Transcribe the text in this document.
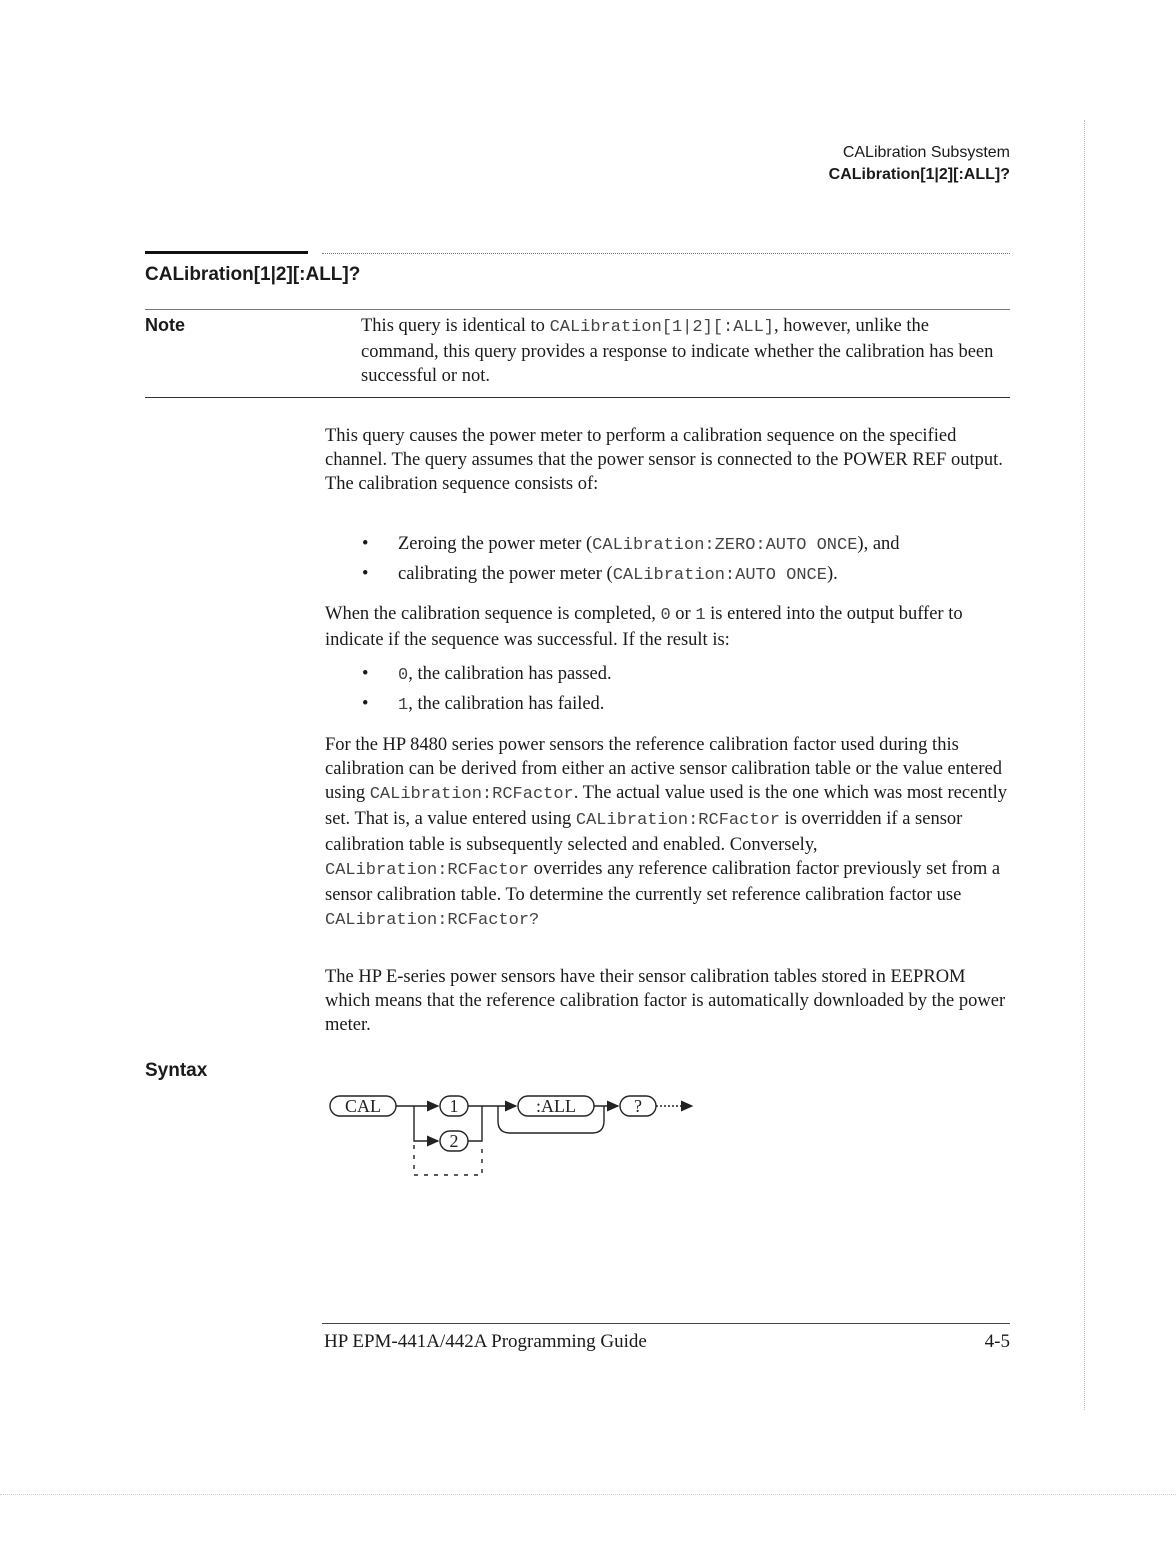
CALibration Subsystem
CALibration[1|2][:ALL]?
CALibration[1|2][:ALL]?
Note	This query is identical to CALibration[1|2][:ALL], however, unlike the command, this query provides a response to indicate whether the calibration has been successful or not.
This query causes the power meter to perform a calibration sequence on the specified channel. The query assumes that the power sensor is connected to the POWER REF output. The calibration sequence consists of:
• Zeroing the power meter (CALibration:ZERO:AUTO ONCE), and
• calibrating the power meter (CALibration:AUTO ONCE).
When the calibration sequence is completed, 0 or 1 is entered into the output buffer to indicate if the sequence was successful. If the result is:
• 0, the calibration has passed.
• 1, the calibration has failed.
For the HP 8480 series power sensors the reference calibration factor used during this calibration can be derived from either an active sensor calibration table or the value entered using CALibration:RCFactor. The actual value used is the one which was most recently set. That is, a value entered using CALibration:RCFactor is overridden if a sensor calibration table is subsequently selected and enabled. Conversely, CALibration:RCFactor overrides any reference calibration factor previously set from a sensor calibration table. To determine the currently set reference calibration factor use CALibration:RCFactor?
The HP E-series power sensors have their sensor calibration tables stored in EEPROM which means that the reference calibration factor is automatically downloaded by the power meter.
Syntax
CAL	1
2
:ALL	?
HP EPM-441A/442A Programming Guide	4-5
